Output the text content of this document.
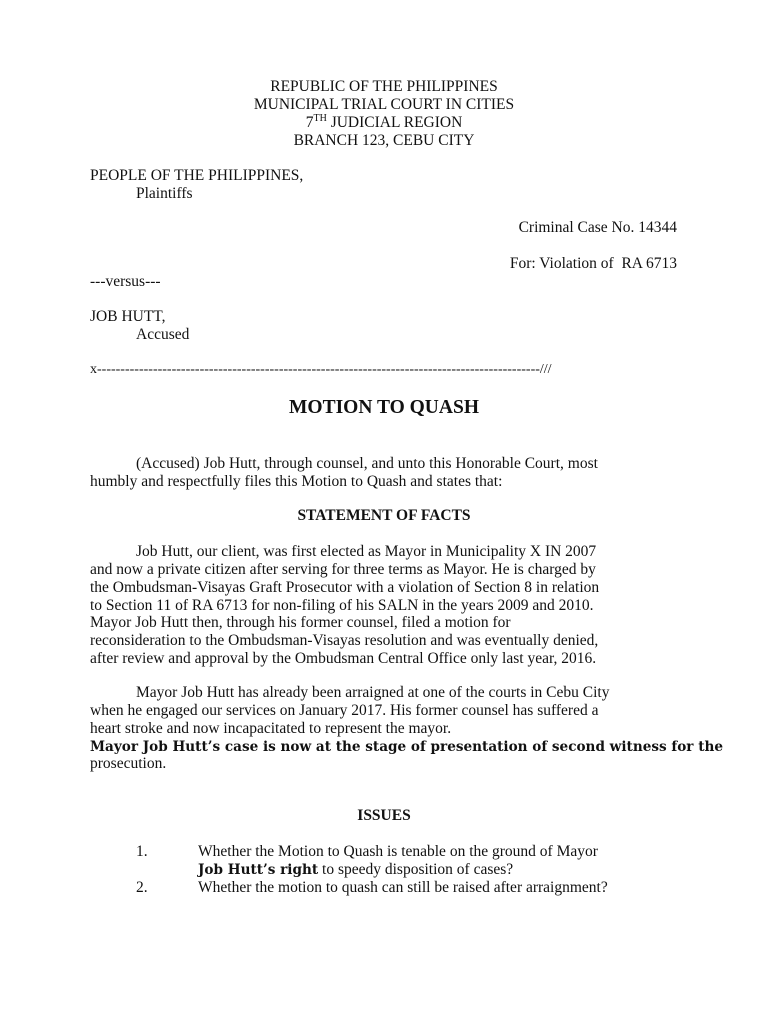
REPUBLIC OF THE PHILIPPINES
MUNICIPAL TRIAL COURT IN CITIES
7TH JUDICIAL REGION
BRANCH 123, CEBU CITY
PEOPLE OF THE PHILIPPINES,
Plaintiffs
Criminal Case No. 14344
For: Violation of  RA 6713
---versus---
JOB HUTT,
Accused
x-----------------------------------------------------------------------------------------------///
MOTION TO QUASH
(Accused) Job Hutt, through counsel, and unto this Honorable Court, most
humbly and respectfully files this Motion to Quash and states that:
STATEMENT OF FACTS
Job Hutt, our client, was first elected as Mayor in Municipality X IN 2007
and now a private citizen after serving for three terms as Mayor. He is charged by
the Ombudsman-Visayas Graft Prosecutor with a violation of Section 8 in relation
to Section 11 of RA 6713 for non-filing of his SALN in the years 2009 and 2010.
Mayor Job Hutt then, through his former counsel, filed a motion for
reconsideration to the Ombudsman-Visayas resolution and was eventually denied,
after review and approval by the Ombudsman Central Office only last year, 2016.
Mayor Job Hutt has already been arraigned at one of the courts in Cebu City
when he engaged our services on January 2017. His former counsel has suffered a
heart stroke and now incapacitated to represent the mayor.
Mayor Job Hutt’s case is now at the stage of presentation of second witness for the
prosecution.
ISSUES
1.	Whether the Motion to Quash is tenable on the ground of Mayor
Job Hutt’s right to speedy disposition of cases?
2.	Whether the motion to quash can still be raised after arraignment?
